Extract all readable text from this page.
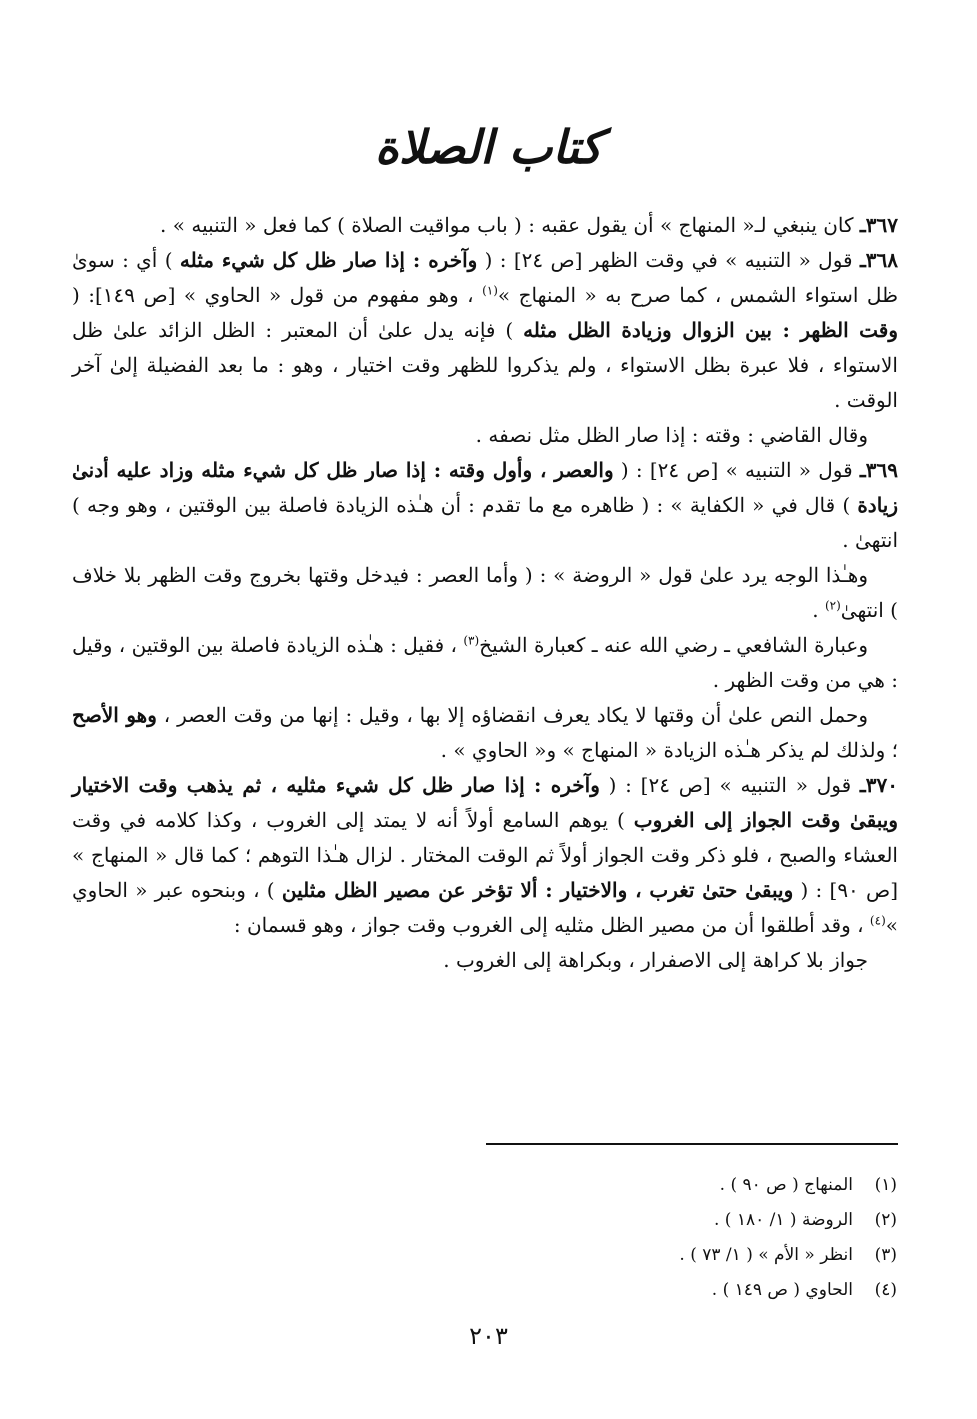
كتاب الصلاة

٣٦٧ـ كان ينبغي لـ« المنهاج » أن يقول عقبه : ( باب مواقيت الصلاة ) كما فعل « التنبيه » .

٣٦٨ـ قول « التنبيه » في وقت الظهر [ص ٢٤] : ( وآخره : إذا صار ظل كل شيء مثله ) أي : سوىٰ ظل استواء الشمس ، كما صرح به « المنهاج »$^{(١)}$ ، وهو مفهوم من قول « الحاوي » [ص ١٤٩]: ( وقت الظهر : بين الزوال وزيادة الظل مثله ) فإنه يدل علىٰ أن المعتبر : الظل الزائد علىٰ ظل الاستواء ، فلا عبرة بظل الاستواء ، ولم يذكروا للظهر وقت اختيار ، وهو : ما بعد الفضيلة إلىٰ آخر الوقت .

وقال القاضي : وقته : إذا صار الظل مثل نصفه .

٣٦٩ـ قول « التنبيه » [ص ٢٤] : ( والعصر ، وأول وقته : إذا صار ظل كل شيء مثله وزاد عليه أدنىٰ زيادة ) قال في « الكفاية » : ( ظاهره مع ما تقدم : أن هـٰذه الزيادة فاصلة بين الوقتين ، وهو وجه ) انتهىٰ .

وهـٰذا الوجه يرد علىٰ قول « الروضة » : ( وأما العصر : فيدخل وقتها بخروج وقت الظهر بلا خلاف ) انتهىٰ$^{(٢)}$ .

وعبارة الشافعي ـ رضي الله عنه ـ كعبارة الشيخ$^{(٣)}$ ، فقيل : هـٰذه الزيادة فاصلة بين الوقتين ، وقيل : هي من وقت الظهر .

وحمل النص علىٰ أن وقتها لا يكاد يعرف انقضاؤه إلا بها ، وقيل : إنها من وقت العصر ، وهو الأصح ؛ ولذلك لم يذكر هـٰذه الزيادة « المنهاج » و« الحاوي » .

٣٧٠ـ قول « التنبيه » [ص ٢٤] : ( وآخره : إذا صار ظل كل شيء مثليه ، ثم يذهب وقت الاختيار ويبقىٰ وقت الجواز إلى الغروب ) يوهم السامع أولاً أنه لا يمتد إلى الغروب ، وكذا كلامه في وقت العشاء والصبح ، فلو ذكر وقت الجواز أولاً ثم الوقت المختار . لزال هـٰذا التوهم ؛ كما قال « المنهاج » [ص ٩٠] : ( ويبقىٰ حتىٰ تغرب ، والاختيار : ألا تؤخر عن مصير الظل مثلين ) ، وبنحوه عبر « الحاوي »$^{(٤)}$ ، وقد أطلقوا أن من مصير الظل مثليه إلى الغروب وقت جواز ، وهو قسمان :

جواز بلا كراهة إلى الاصفرار ، وبكراهة إلى الغروب .

(١)المنهاج ( ص ٩٠ ) .
(٢)الروضة ( ١/ ١٨٠ ) .
(٣)انظر « الأم » ( ١/ ٧٣ ) .
(٤)الحاوي ( ص ١٤٩ ) .
٢٠٣
